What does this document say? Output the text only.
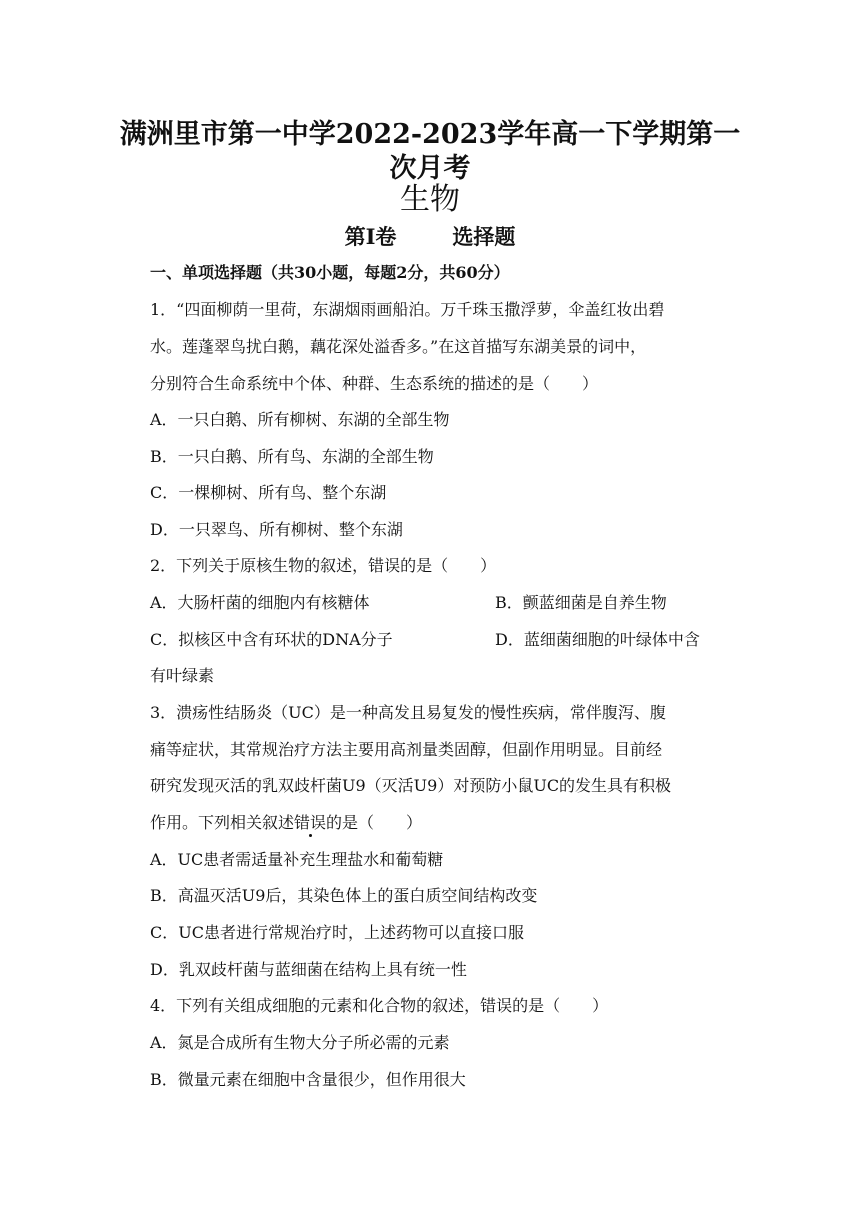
满洲里市第一中学2022-2023学年高一下学期第一
次月考
生物
第Ⅰ卷	选择题
一、单项选择题（共30小题，每题2分，共60分）
1．“四面柳荫一里荷，东湖烟雨画船泊。万千珠玉撒浮萝，伞盖红妆出碧
水。莲蓬翠鸟扰白鹅，藕花深处溢香多。”在这首描写东湖美景的词中，
分别符合生命系统中个体、种群、生态系统的描述的是（　　）
A．一只白鹅、所有柳树、东湖的全部生物
B．一只白鹅、所有鸟、东湖的全部生物
C．一棵柳树、所有鸟、整个东湖
D．一只翠鸟、所有柳树、整个东湖
2．下列关于原核生物的叙述，错误的是（　　）
A．大肠杆菌的细胞内有核糖体	B．颤蓝细菌是自养生物
C．拟核区中含有环状的DNA分子	D．蓝细菌细胞的叶绿体中含
有叶绿素
3．溃疡性结肠炎（UC）是一种高发且易复发的慢性疾病，常伴腹泻、腹
痛等症状，其常规治疗方法主要用高剂量类固醇，但副作用明显。目前经
研究发现灭活的乳双歧杆菌U9（灭活U9）对预防小鼠UC的发生具有积极
作用。下列相关叙述错误的是（　　）
A．UC患者需适量补充生理盐水和葡萄糖
B．高温灭活U9后，其染色体上的蛋白质空间结构改变
C．UC患者进行常规治疗时，上述药物可以直接口服
D．乳双歧杆菌与蓝细菌在结构上具有统一性
4．下列有关组成细胞的元素和化合物的叙述，错误的是（　　）
A．氮是合成所有生物大分子所必需的元素
B．微量元素在细胞中含量很少，但作用很大
